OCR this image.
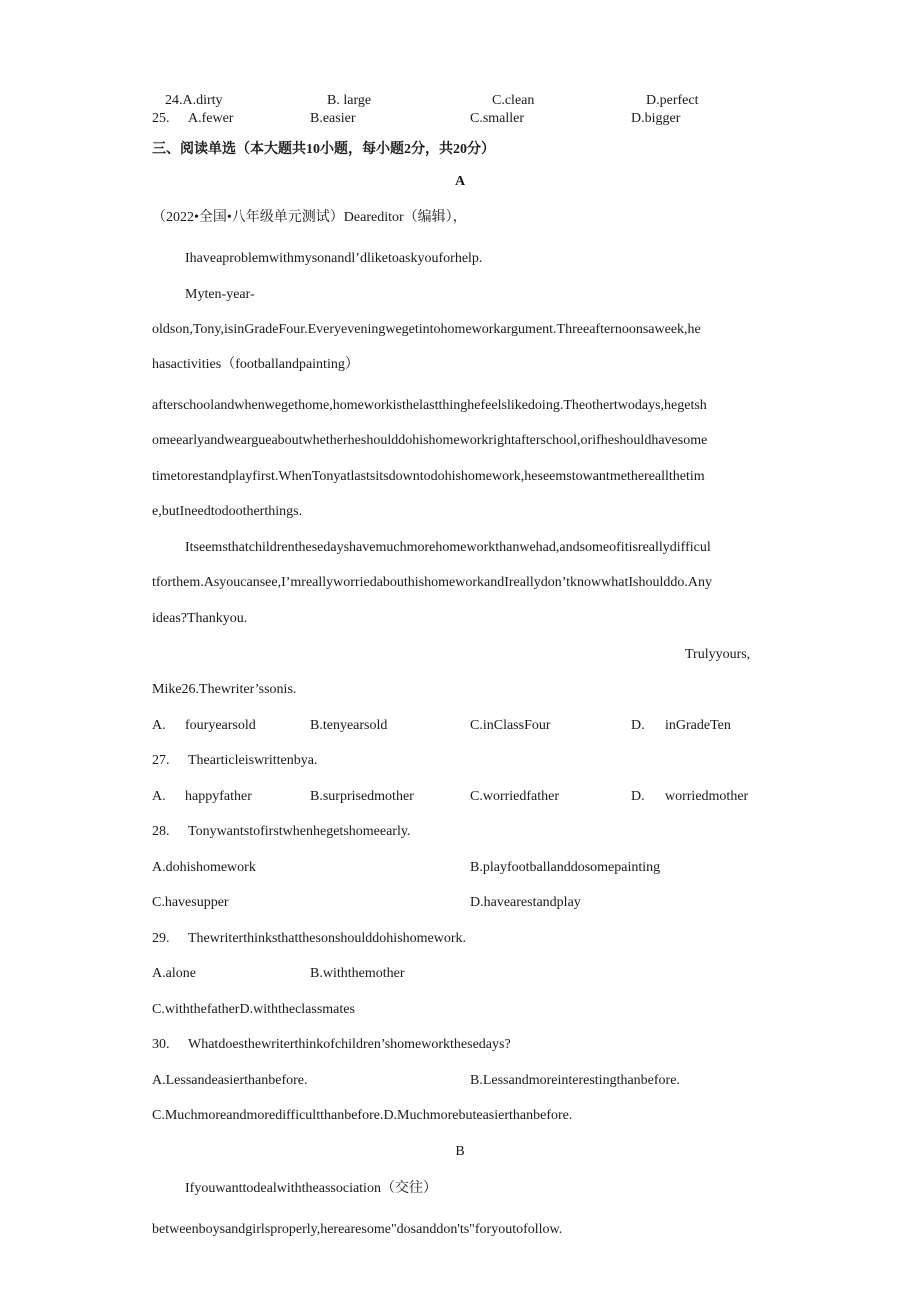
24.A.dirty	B. large	C.clean	D.perfect
25. A.fewer	B.easier	C.smaller	D.bigger
三、阅读单选（本大题共10小题，每小题2分，共20分）
A
（2022•全国•八年级单元测试）Deareditor（编辑），
Ihaveaproblemwithmysonandl’dliketoaskyouforhelp.
Myten-year-
oldson,Tony,isinGradeFour.Everyeveningwegetintohomeworkargument.Threeafternoonsaweek,he
hasactivities（footballandpainting）
afterschoolandwhenwegethome,homeworkisthelastthinghefeelslikedoing.Theothertwodays,hegetsh
omeearlyandweargueaboutwhetherheshoulddohishomeworkrightafterschool,orifheshouldhavesome
timetorestandplayfirst.WhenTonyatlastsitsdowntodohishomework,heseemstowantmethereallthetim
e,butIneedtodootherthings.
Itseemsthatchildrenthesedayshavemuchmorehomeworkthanwehad,andsomeofitisreallydifficul
tforthem.Asyoucansee,I’mreallyworriedabouthishomeworkandIreallydon’tknowwhatIshoulddo.Any
ideas?Thankyou.
Trulyyours,
Mike26.Thewriter’ssonis.
A. fouryearsold	B.tenyearsold	C.inClassFour	D. inGradeTen
27. Thearticleiswrittenbya.
A. happyfather	B.surprisedmother	C.worriedfather	D. worriedmother
28. Tonywantstofirstwhenhegetshomeearly.
A.dohishomework	B.playfootballanddosomepainting
C.havesupper	D.havearestandplay
29. Thewriterthinksthatthesonshoulddohishomework.
A.alone	B.withthemother
C.withthefatherD.withtheclassmates
30. Whatdoesthewriterthinkofchildren’shomeworkthesedays?
A.Lessandeasierthanbefore.	B.Lessandmoreinterestingthanbefore.
C.Muchmoreandmoredifficultthanbefore.D.Muchmorebuteasierthanbefore.
B
Ifyouwanttodealwiththeassociation（交往）
betweenboysandgirlsproperly,herearesome"dosanddon'ts"foryoutofollow.
